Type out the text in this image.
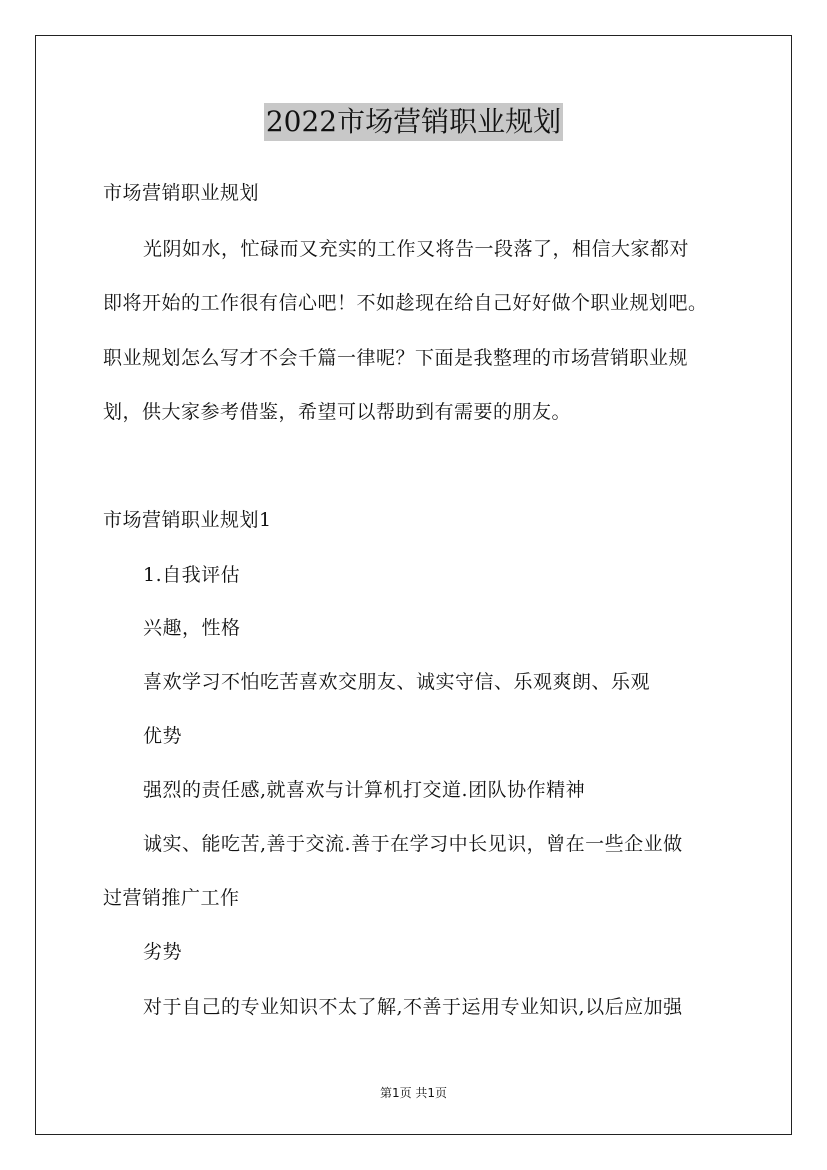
2022市场营销职业规划
市场营销职业规划
光阴如水，忙碌而又充实的工作又将告一段落了，相信大家都对
即将开始的工作很有信心吧！不如趁现在给自己好好做个职业规划吧。
职业规划怎么写才不会千篇一律呢？下面是我整理的市场营销职业规
划，供大家参考借鉴，希望可以帮助到有需要的朋友。
市场营销职业规划1
1.自我评估
兴趣，性格
喜欢学习不怕吃苦喜欢交朋友、诚实守信、乐观爽朗、乐观
优势
强烈的责任感,就喜欢与计算机打交道.团队协作精神
诚实、能吃苦,善于交流.善于在学习中长见识，曾在一些企业做
过营销推广工作
劣势
对于自己的专业知识不太了解,不善于运用专业知识,以后应加强
第1页 共1页
